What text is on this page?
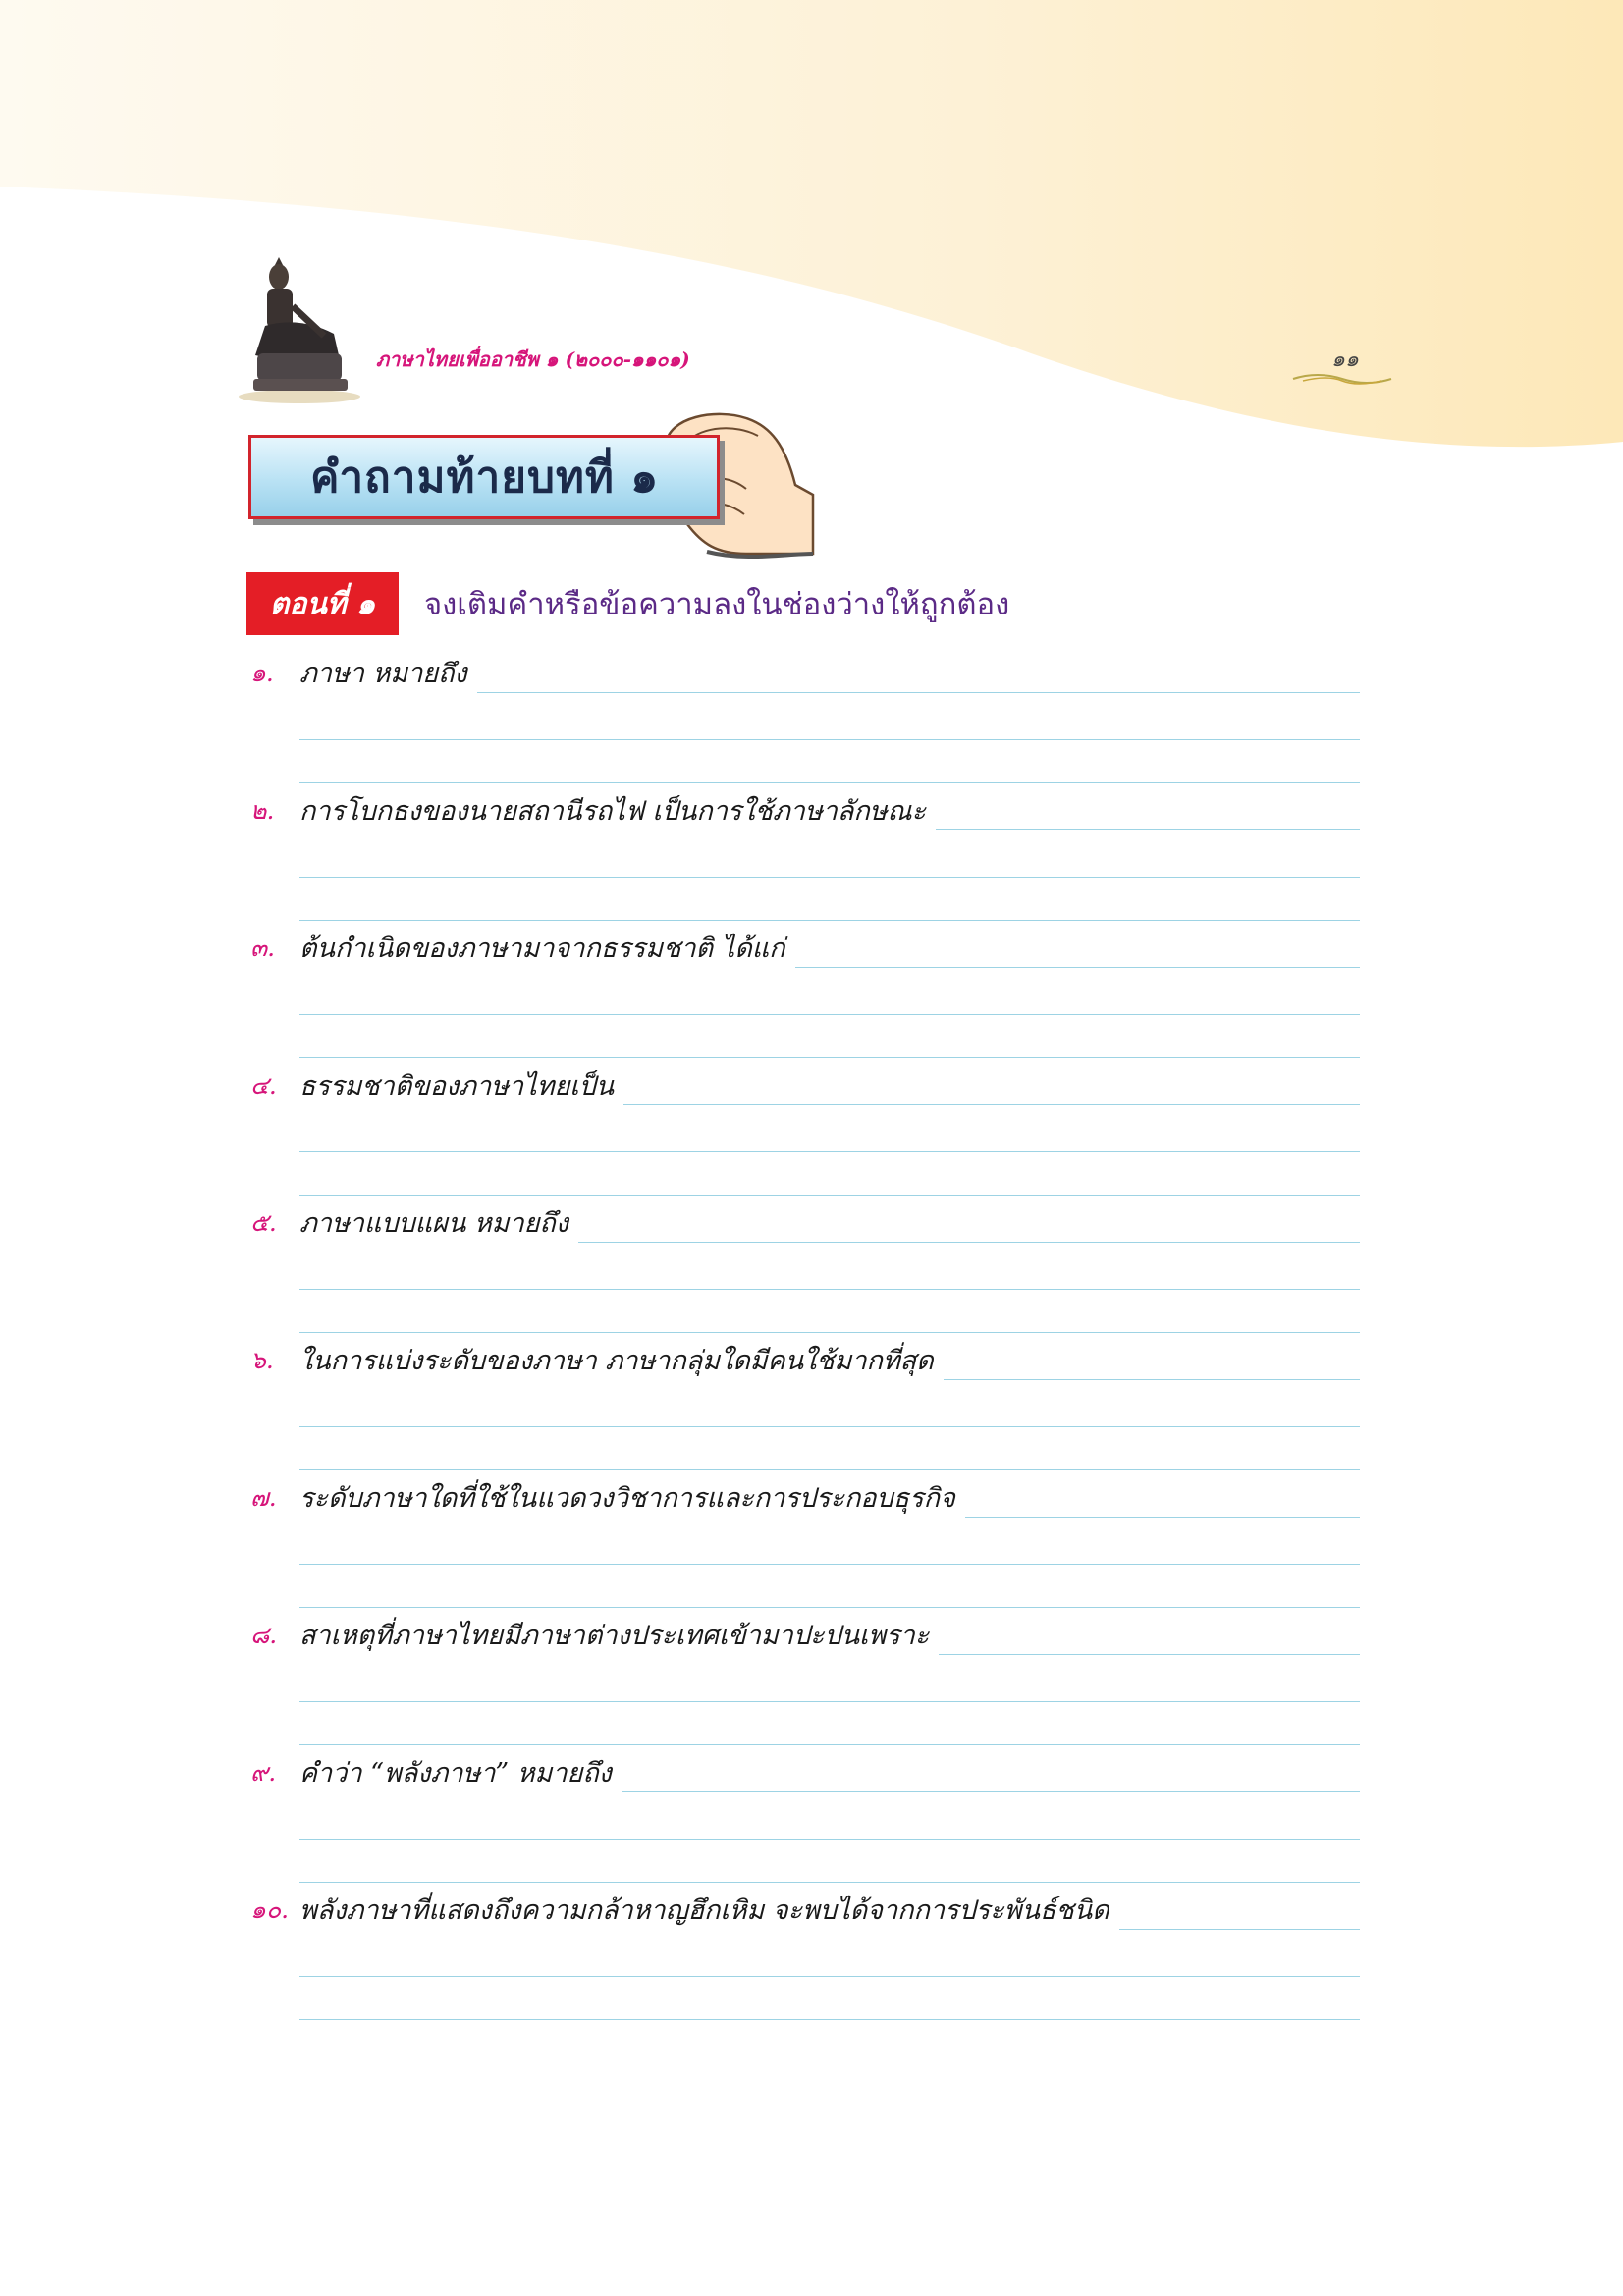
ภาษาไทยเพื่ออาชีพ ๑ (๒๐๐๐-๑๑๐๑)	๑๑
คำถามท้ายบทที่ ๑
ตอนที่ ๑	จงเติมคำหรือข้อความลงในช่องว่างให้ถูกต้อง
๑. ภาษา หมายถึง
๒. การโบกธงของนายสถานีรถไฟ เป็นการใช้ภาษาลักษณะ
๓. ต้นกำเนิดของภาษามาจากธรรมชาติ ได้แก่
๔. ธรรมชาติของภาษาไทยเป็น
๕. ภาษาแบบแผน หมายถึง
๖. ในการแบ่งระดับของภาษา ภาษากลุ่มใดมีคนใช้มากที่สุด
๗. ระดับภาษาใดที่ใช้ในแวดวงวิชาการและการประกอบธุรกิจ
๘. สาเหตุที่ภาษาไทยมีภาษาต่างประเทศเข้ามาปะปนเพราะ
๙. คำว่า “พลังภาษา” หมายถึง
๑๐. พลังภาษาที่แสดงถึงความกล้าหาญฮึกเหิม จะพบได้จากการประพันธ์ชนิด
